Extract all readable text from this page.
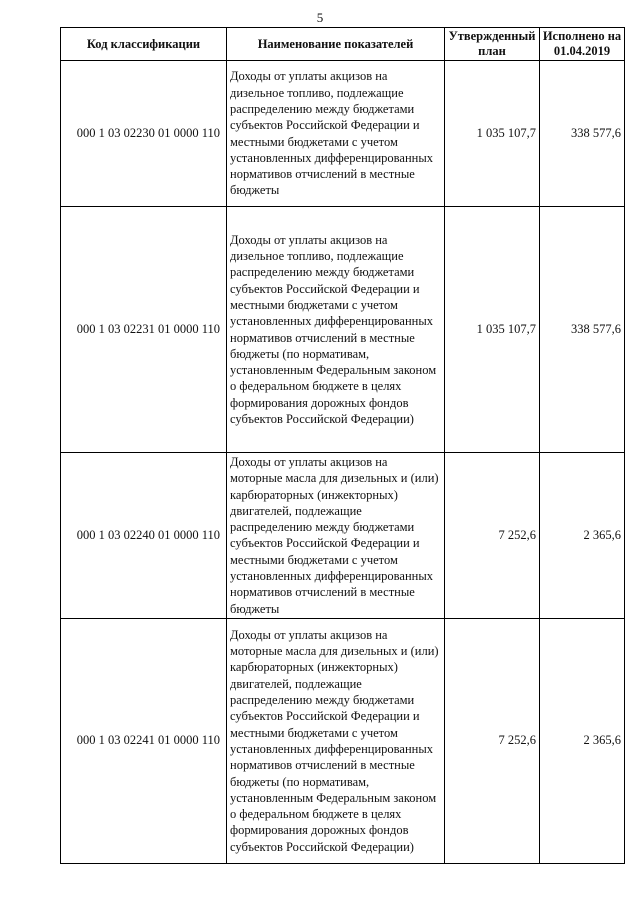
5
Код классификации	Наименование показателей	Утвержденный план	Исполнено на 01.04.2019
000 1 03 02230 01 0000 110	Доходы от уплаты акцизов на дизельное топливо, подлежащие распределению между бюджетами субъектов Российской Федерации и местными бюджетами с учетом установленных дифференцированных нормативов отчислений в местные бюджеты	1 035 107,7	338 577,6
000 1 03 02231 01 0000 110	Доходы от уплаты акцизов на дизельное топливо, подлежащие распределению между бюджетами субъектов Российской Федерации и местными бюджетами с учетом установленных дифференцированных нормативов отчислений в местные бюджеты (по нормативам, установленным Федеральным законом о федеральном бюджете в целях формирования дорожных фондов субъектов Российской Федерации)	1 035 107,7	338 577,6
000 1 03 02240 01 0000 110	Доходы от уплаты акцизов на моторные масла для дизельных и (или) карбюраторных (инжекторных) двигателей, подлежащие распределению между бюджетами субъектов Российской Федерации и местными бюджетами с учетом установленных дифференцированных нормативов отчислений в местные бюджеты	7 252,6	2 365,6
000 1 03 02241 01 0000 110	Доходы от уплаты акцизов на моторные масла для дизельных и (или) карбюраторных (инжекторных) двигателей, подлежащие распределению между бюджетами субъектов Российской Федерации и местными бюджетами с учетом установленных дифференцированных нормативов отчислений в местные бюджеты (по нормативам, установленным Федеральным законом о федеральном бюджете в целях формирования дорожных фондов субъектов Российской Федерации)	7 252,6	2 365,6
